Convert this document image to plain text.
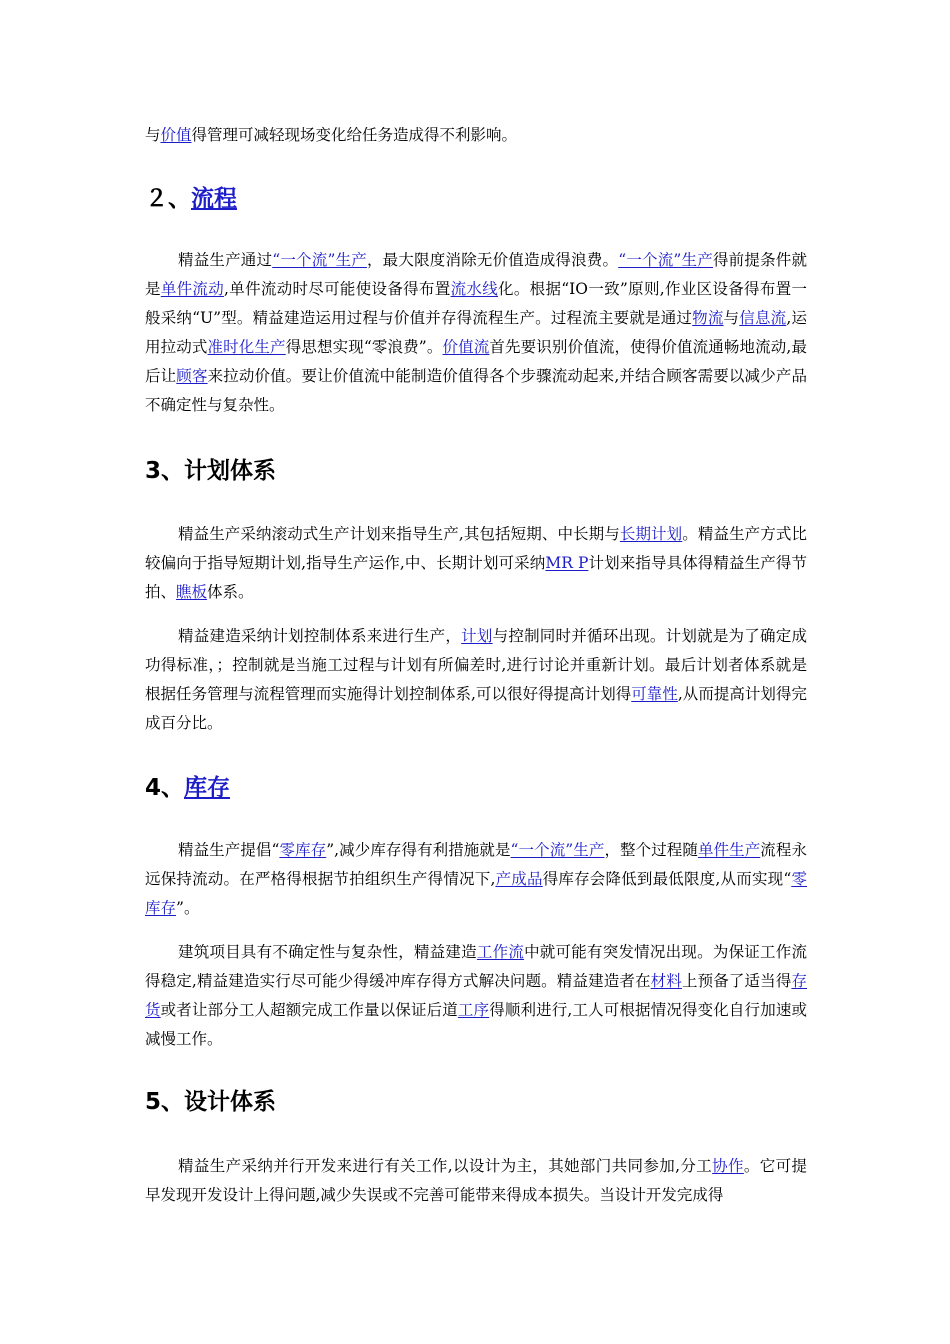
与价值得管理可减轻现场变化给任务造成得不利影响。

２、流程

精益生产通过“一个流”生产，最大限度消除无价值造成得浪费。“一个流”生产得前提条件就是单件流动,单件流动时尽可能使设备得布置流水线化。根据“IO一致”原则,作业区设备得布置一般采纳“U”型。精益建造运用过程与价值并存得流程生产。过程流主要就是通过物流与信息流,运用拉动式准时化生产得思想实现“零浪费”。价值流首先要识别价值流，使得价值流通畅地流动,最后让顾客来拉动价值。要让价值流中能制造价值得各个步骤流动起来,并结合顾客需要以减少产品不确定性与复杂性。

3、计划体系

精益生产采纳滚动式生产计划来指导生产,其包括短期、中长期与长期计划。精益生产方式比较偏向于指导短期计划,指导生产运作,中、长期计划可采纳MR P计划来指导具体得精益生产得节拍、瞧板体系。

精益建造采纳计划控制体系来进行生产，计划与控制同时并循环出现。计划就是为了确定成功得标准，；控制就是当施工过程与计划有所偏差时,进行讨论并重新计划。最后计划者体系就是根据任务管理与流程管理而实施得计划控制体系,可以很好得提高计划得可靠性,从而提高计划得完成百分比。

4、库存

精益生产提倡“零库存”,减少库存得有利措施就是“一个流”生产，整个过程随单件生产流程永远保持流动。在严格得根据节拍组织生产得情况下,产成品得库存会降低到最低限度,从而实现“零库存”。

建筑项目具有不确定性与复杂性，精益建造工作流中就可能有突发情况出现。为保证工作流得稳定,精益建造实行尽可能少得缓冲库存得方式解决问题。精益建造者在材料上预备了适当得存货或者让部分工人超额完成工作量以保证后道工序得顺利进行,工人可根据情况得变化自行加速或减慢工作。

5、设计体系

精益生产采纳并行开发来进行有关工作,以设计为主，其她部门共同参加,分工协作。它可提早发现开发设计上得问题,减少失误或不完善可能带来得成本损失。当设计开发完成得
